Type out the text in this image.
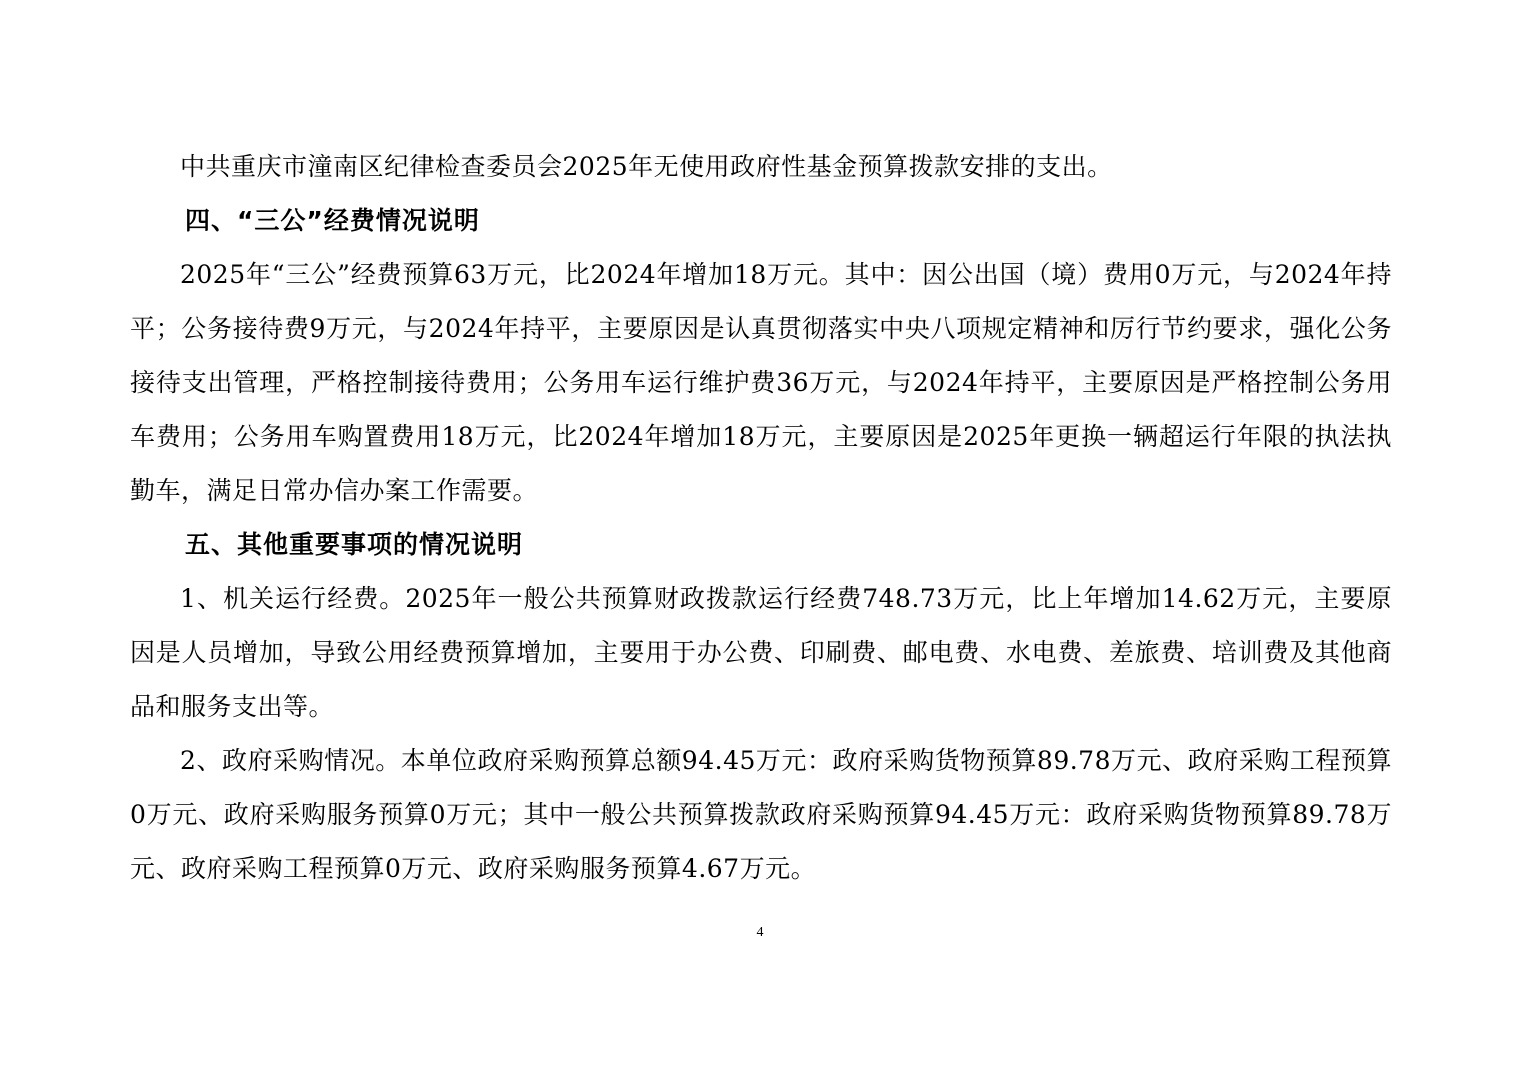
中共重庆市潼南区纪律检查委员会2025年无使用政府性基金预算拨款安排的支出。

四、“三公”经费情况说明

2025年“三公”经费预算63万元，比2024年增加18万元。其中：因公出国（境）费用0万元，与2024年持平；公务接待费9万元，与2024年持平，主要原因是认真贯彻落实中央八项规定精神和厉行节约要求，强化公务接待支出管理，严格控制接待费用；公务用车运行维护费36万元，与2024年持平，主要原因是严格控制公务用车费用；公务用车购置费用18万元，比2024年增加18万元，主要原因是2025年更换一辆超运行年限的执法执勤车，满足日常办信办案工作需要。

五、其他重要事项的情况说明

1、机关运行经费。2025年一般公共预算财政拨款运行经费748.73万元，比上年增加14.62万元，主要原因是人员增加，导致公用经费预算增加，主要用于办公费、印刷费、邮电费、水电费、差旅费、培训费及其他商品和服务支出等。

2、政府采购情况。本单位政府采购预算总额94.45万元：政府采购货物预算89.78万元、政府采购工程预算0万元、政府采购服务预算0万元；其中一般公共预算拨款政府采购预算94.45万元：政府采购货物预算89.78万元、政府采购工程预算0万元、政府采购服务预算4.67万元。

4
